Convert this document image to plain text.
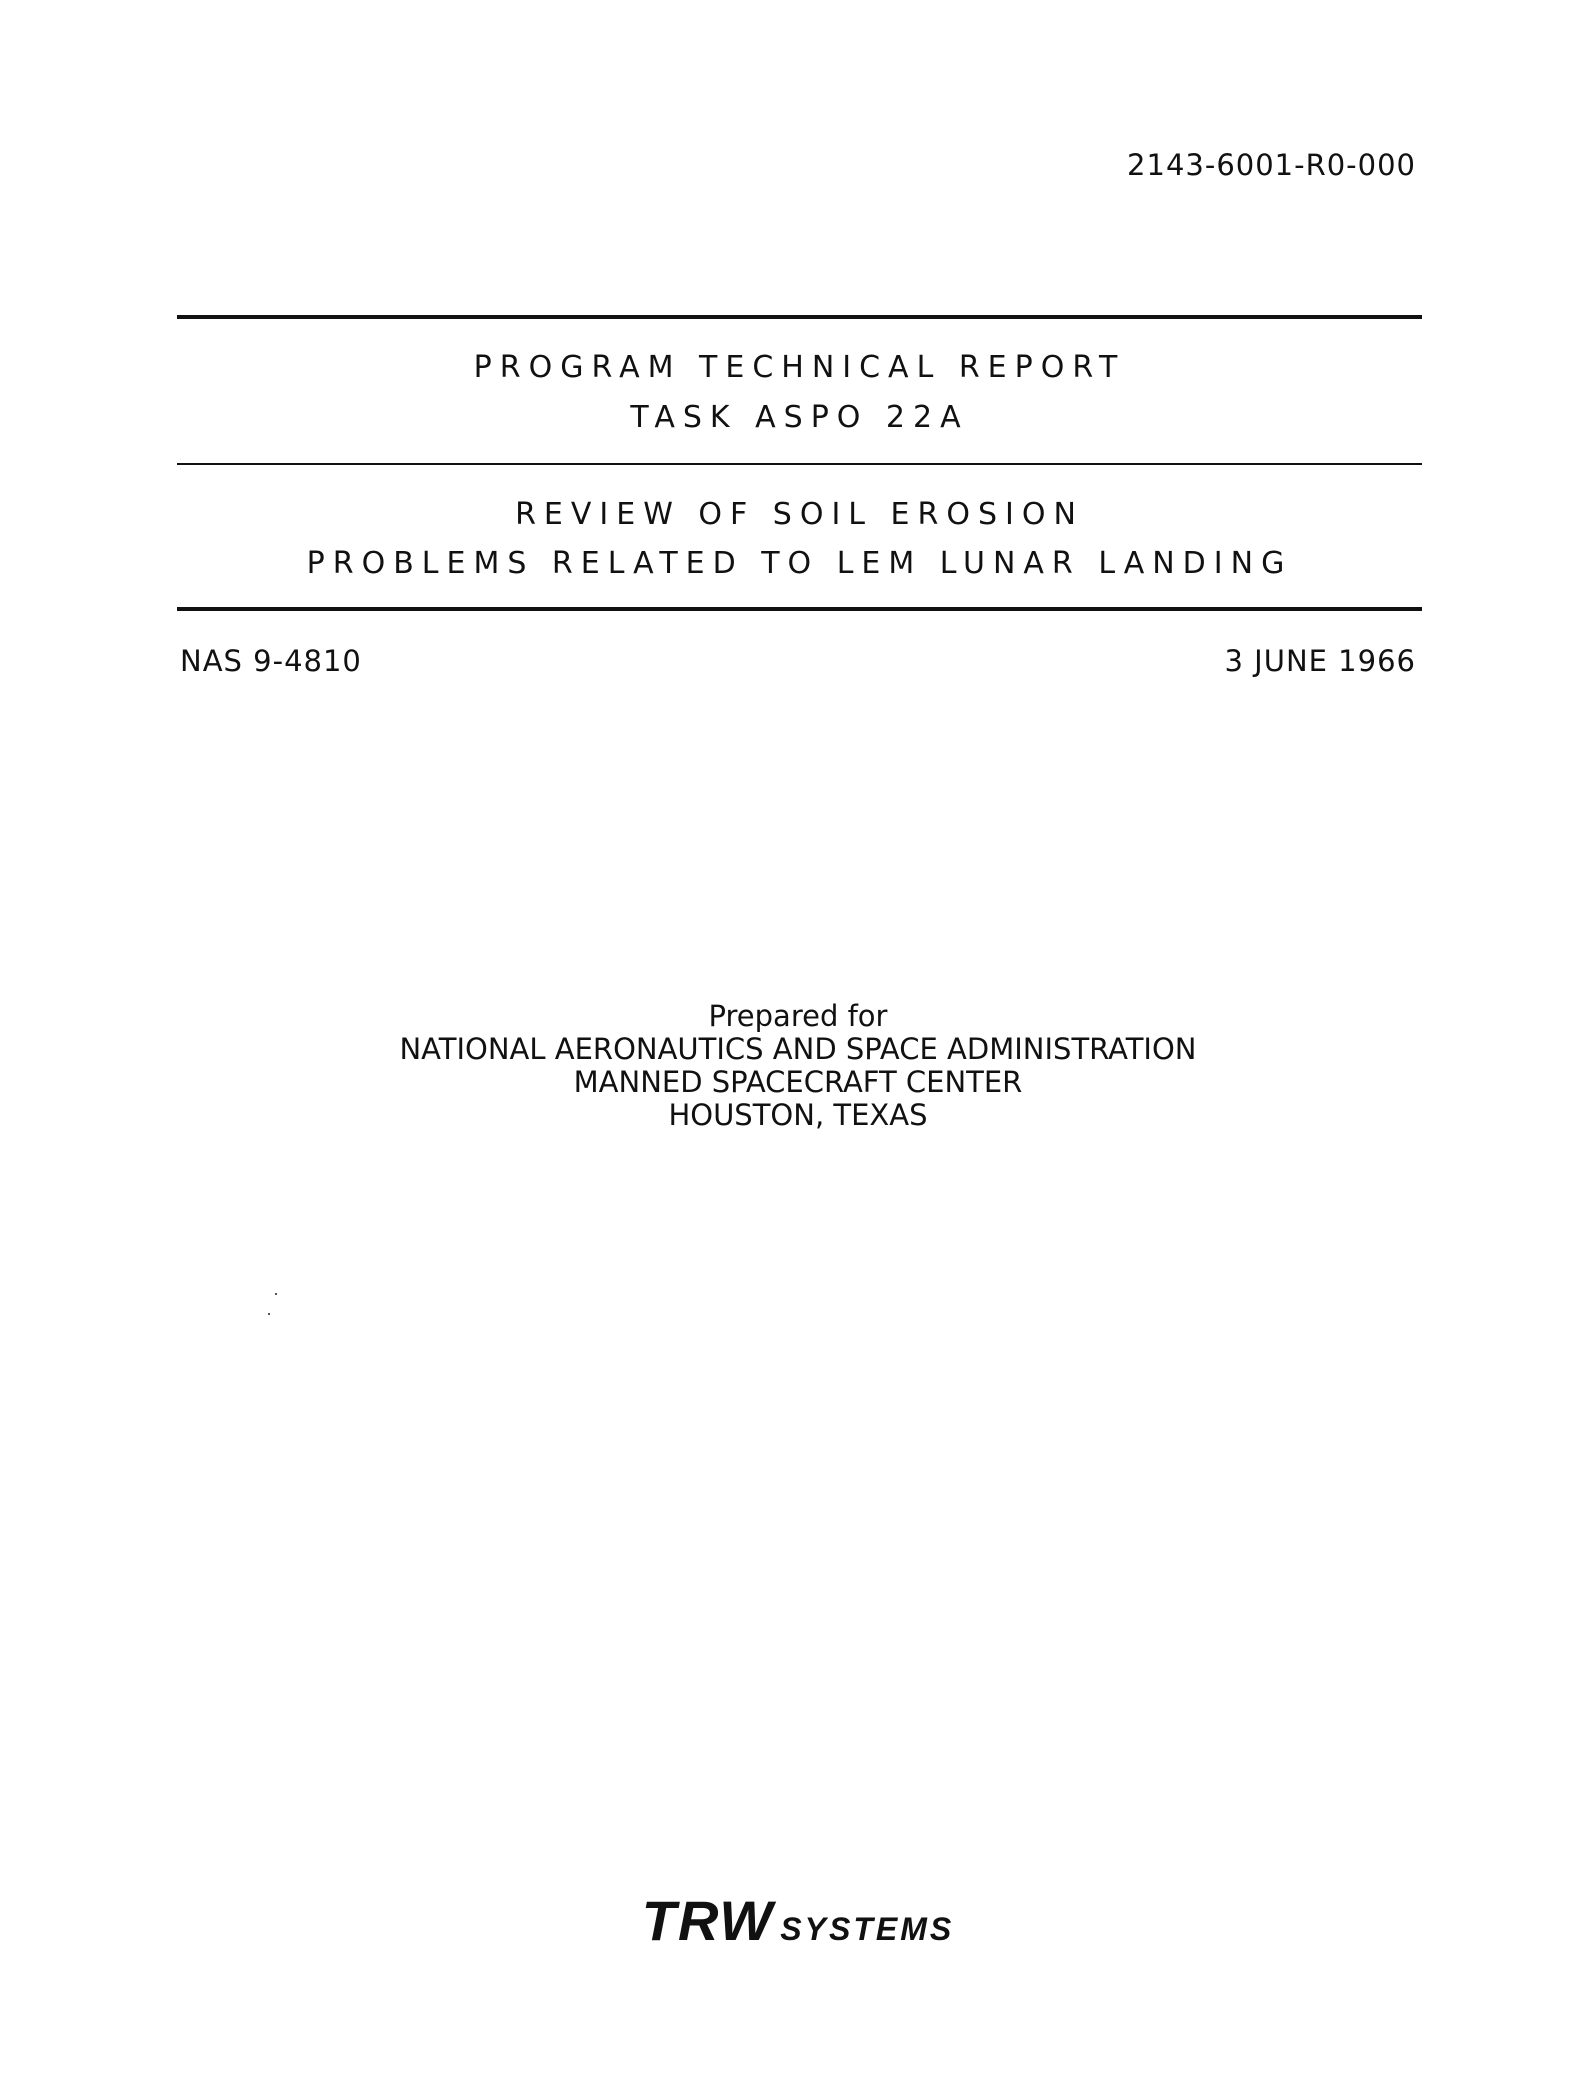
2143-6001-R0-000
PROGRAM TECHNICAL REPORT
TASK ASPO 22A
REVIEW OF SOIL EROSION
PROBLEMS RELATED TO LEM LUNAR LANDING
NAS 9-4810	3 JUNE 1966
Prepared for
NATIONAL AERONAUTICS AND SPACE ADMINISTRATION
MANNED SPACECRAFT CENTER
HOUSTON, TEXAS
TRW SYSTEMS
